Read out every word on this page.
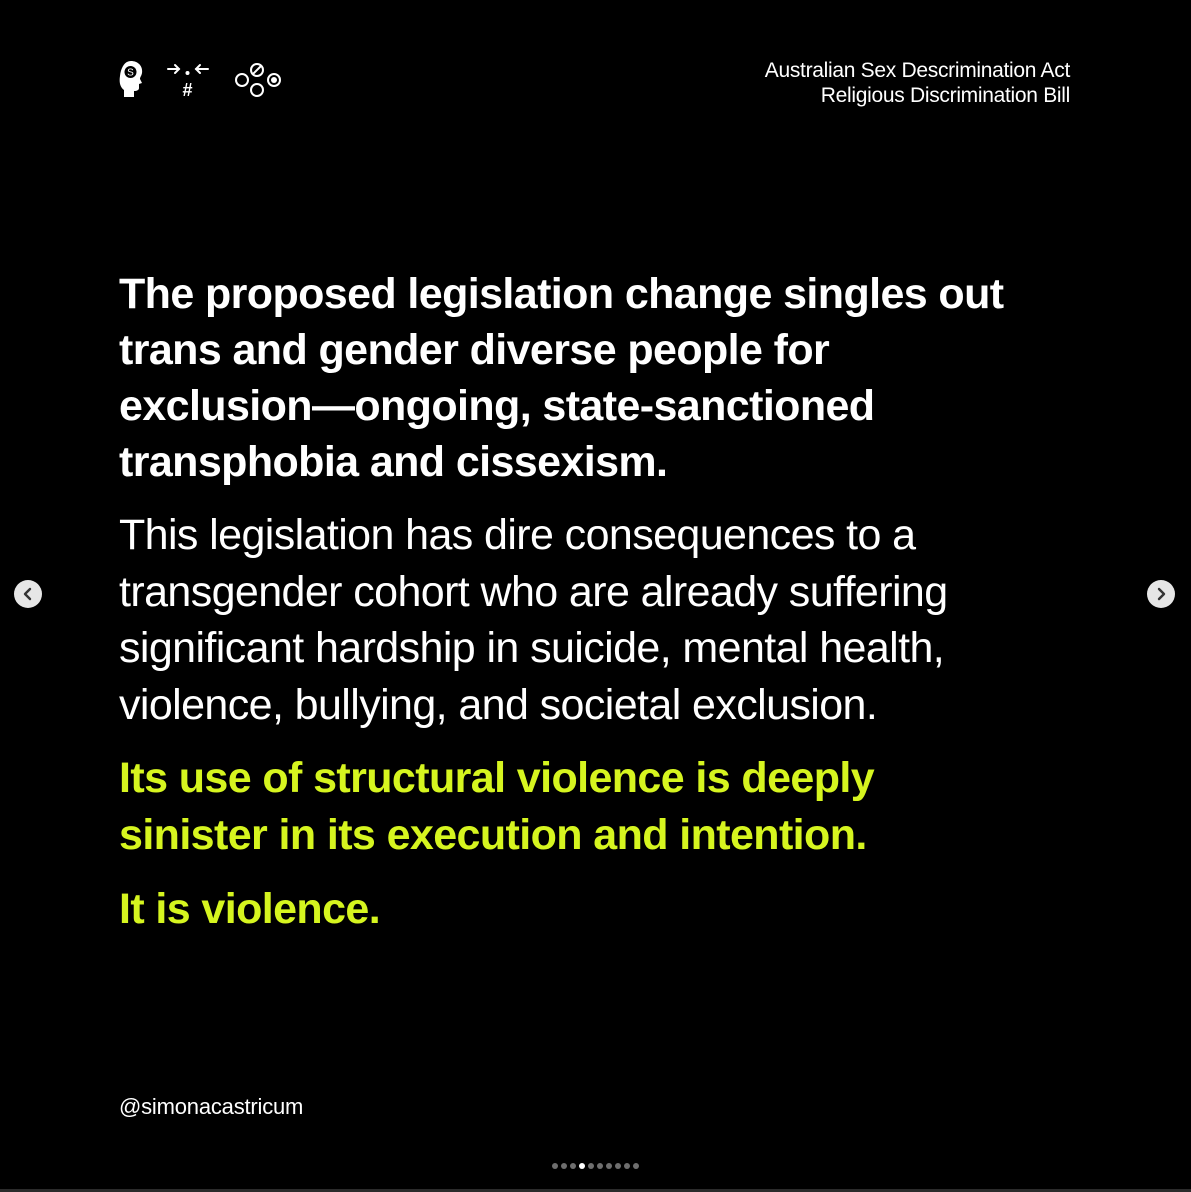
S
#
Australian Sex Descrimination Act
Religious Discrimination Bill

The proposed legislation change singles out trans and gender diverse people for exclusion—ongoing, state-sanctioned transphobia and cissexism.

This legislation has dire consequences to a transgender cohort who are already suffering significant hardship in suicide, mental health, violence, bullying, and societal exclusion.

Its use of structural violence is deeply sinister in its execution and intention.

It is violence.

@simonacastricum
